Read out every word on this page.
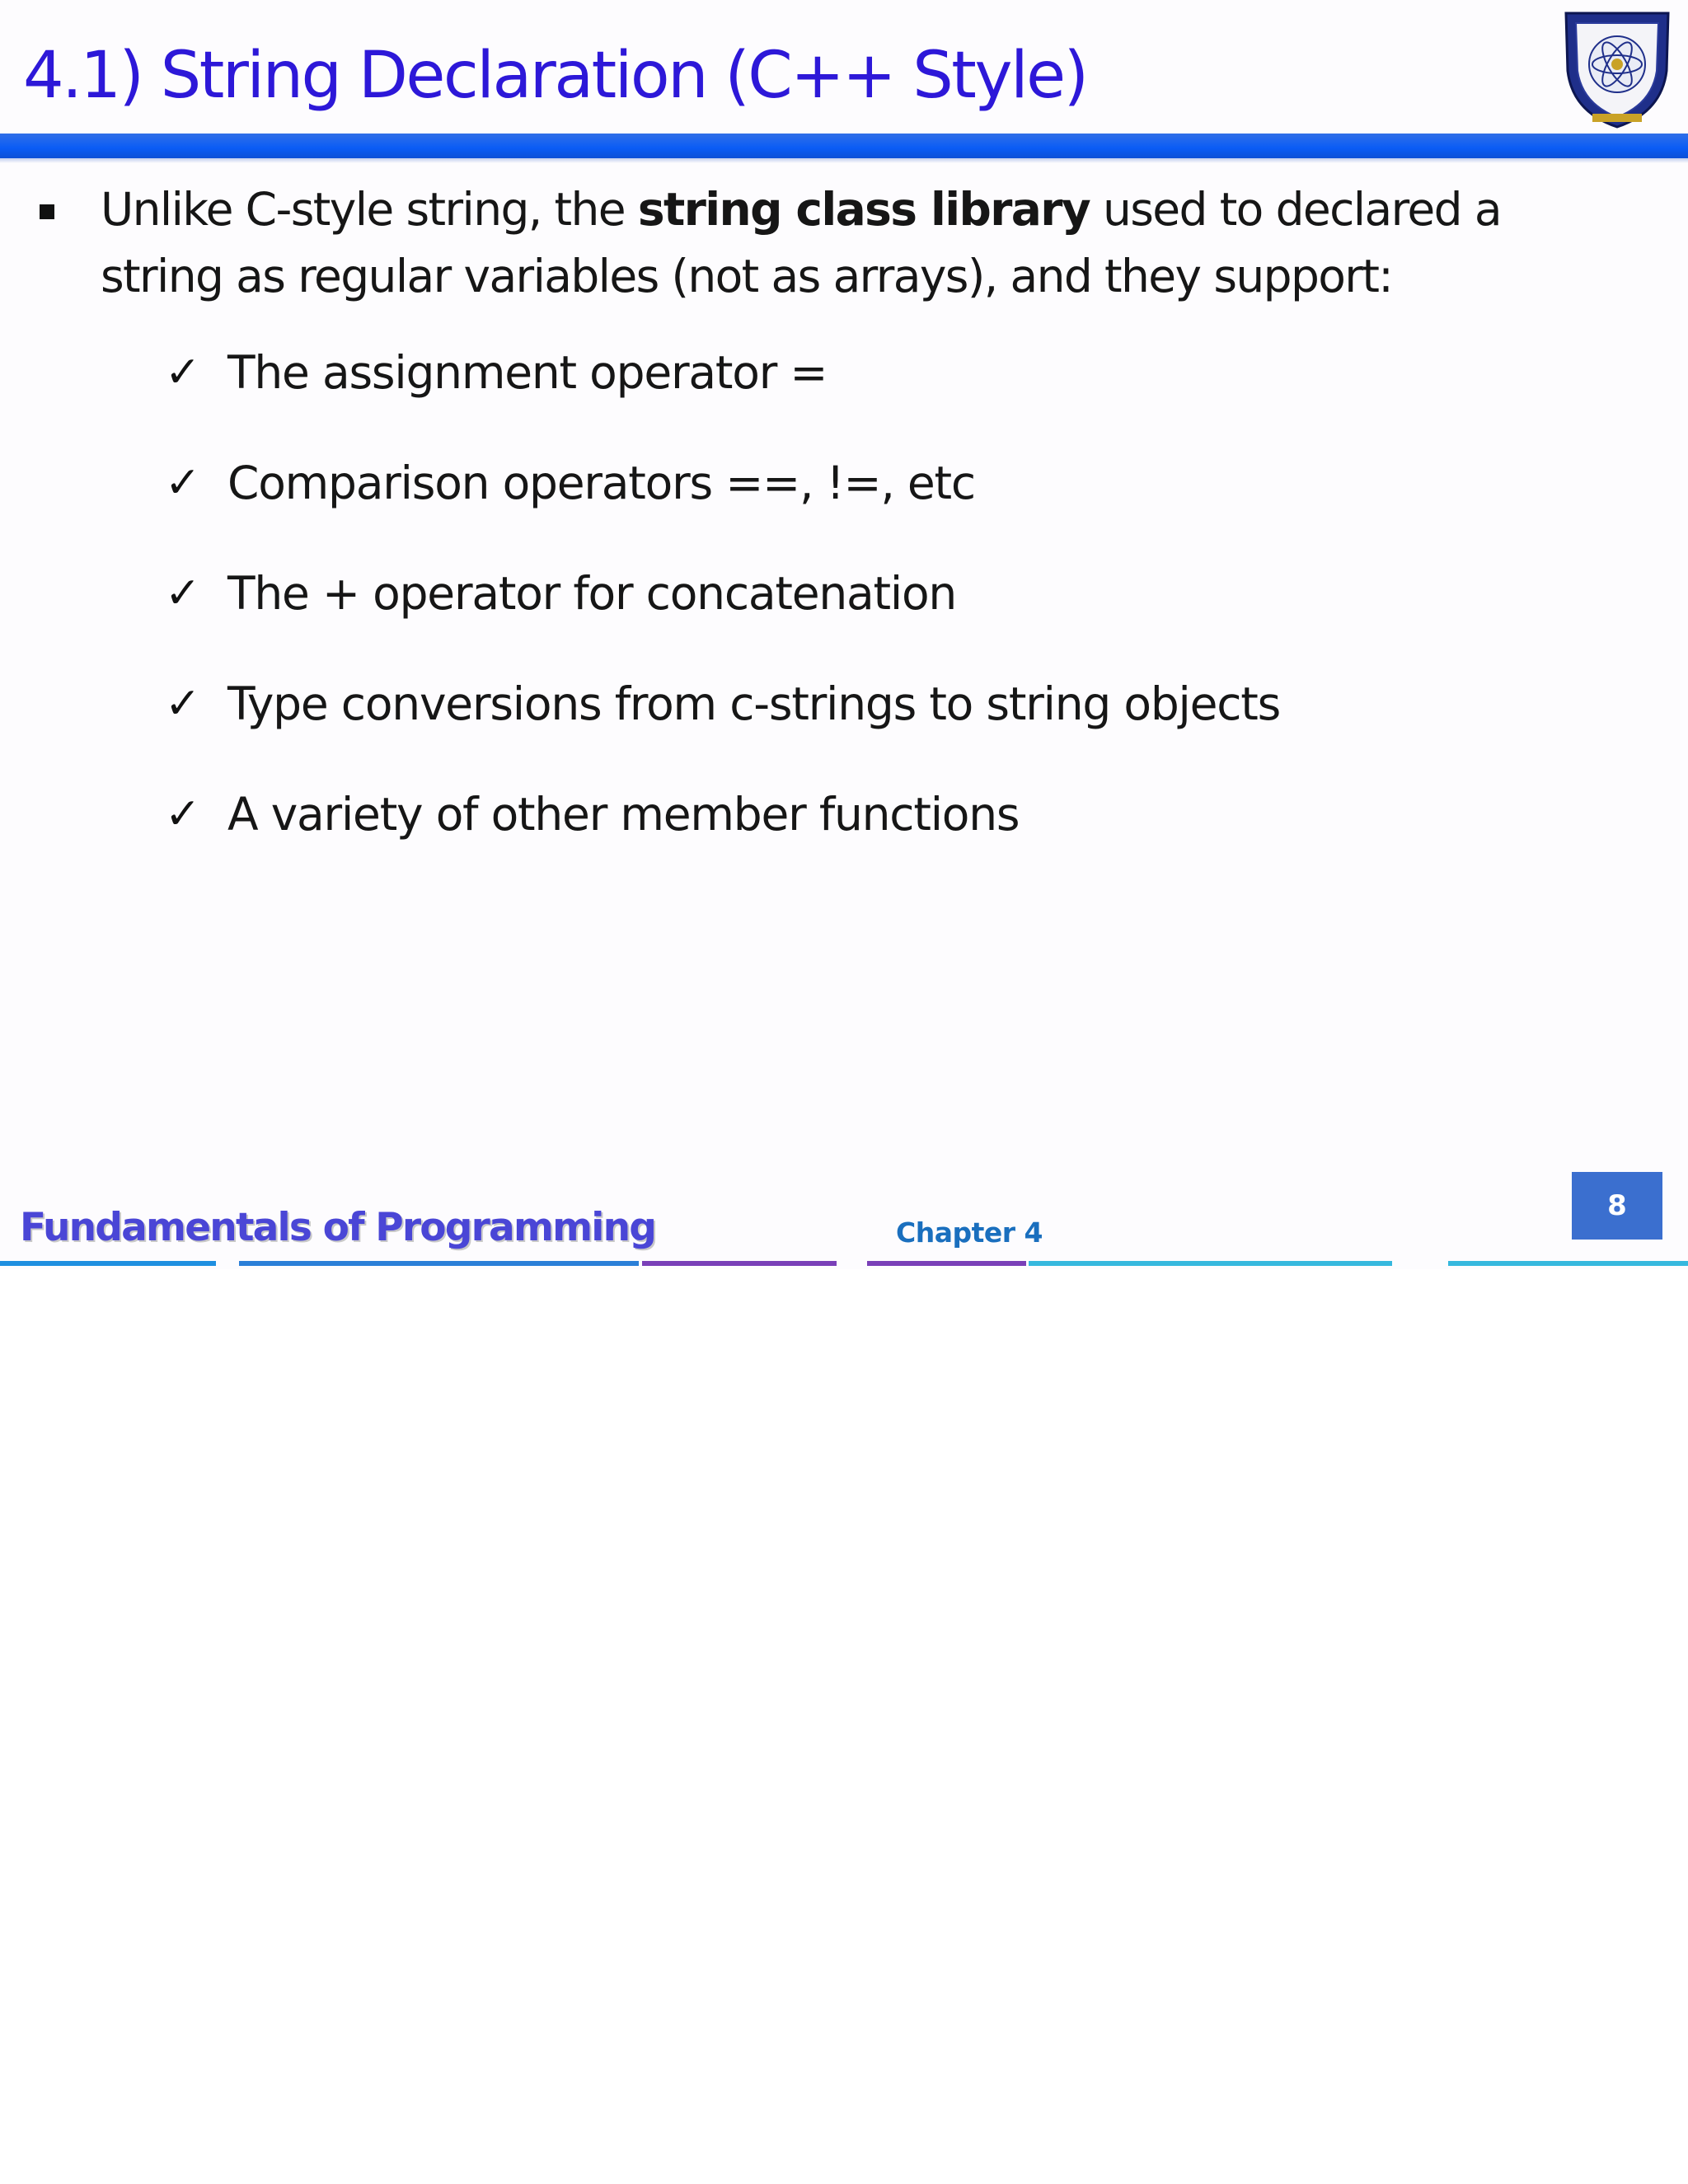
4.1) String Declaration (C++ Style)

Unlike C-style string, the string class library used to declared a string as regular variables (not as arrays), and they support:

✓ The assignment operator =
✓ Comparison operators ==, !=, etc
✓ The + operator for concatenation
✓ Type conversions from c-strings to string objects
✓ A variety of other member functions
Fundamentals of Programming	Chapter 4
8
